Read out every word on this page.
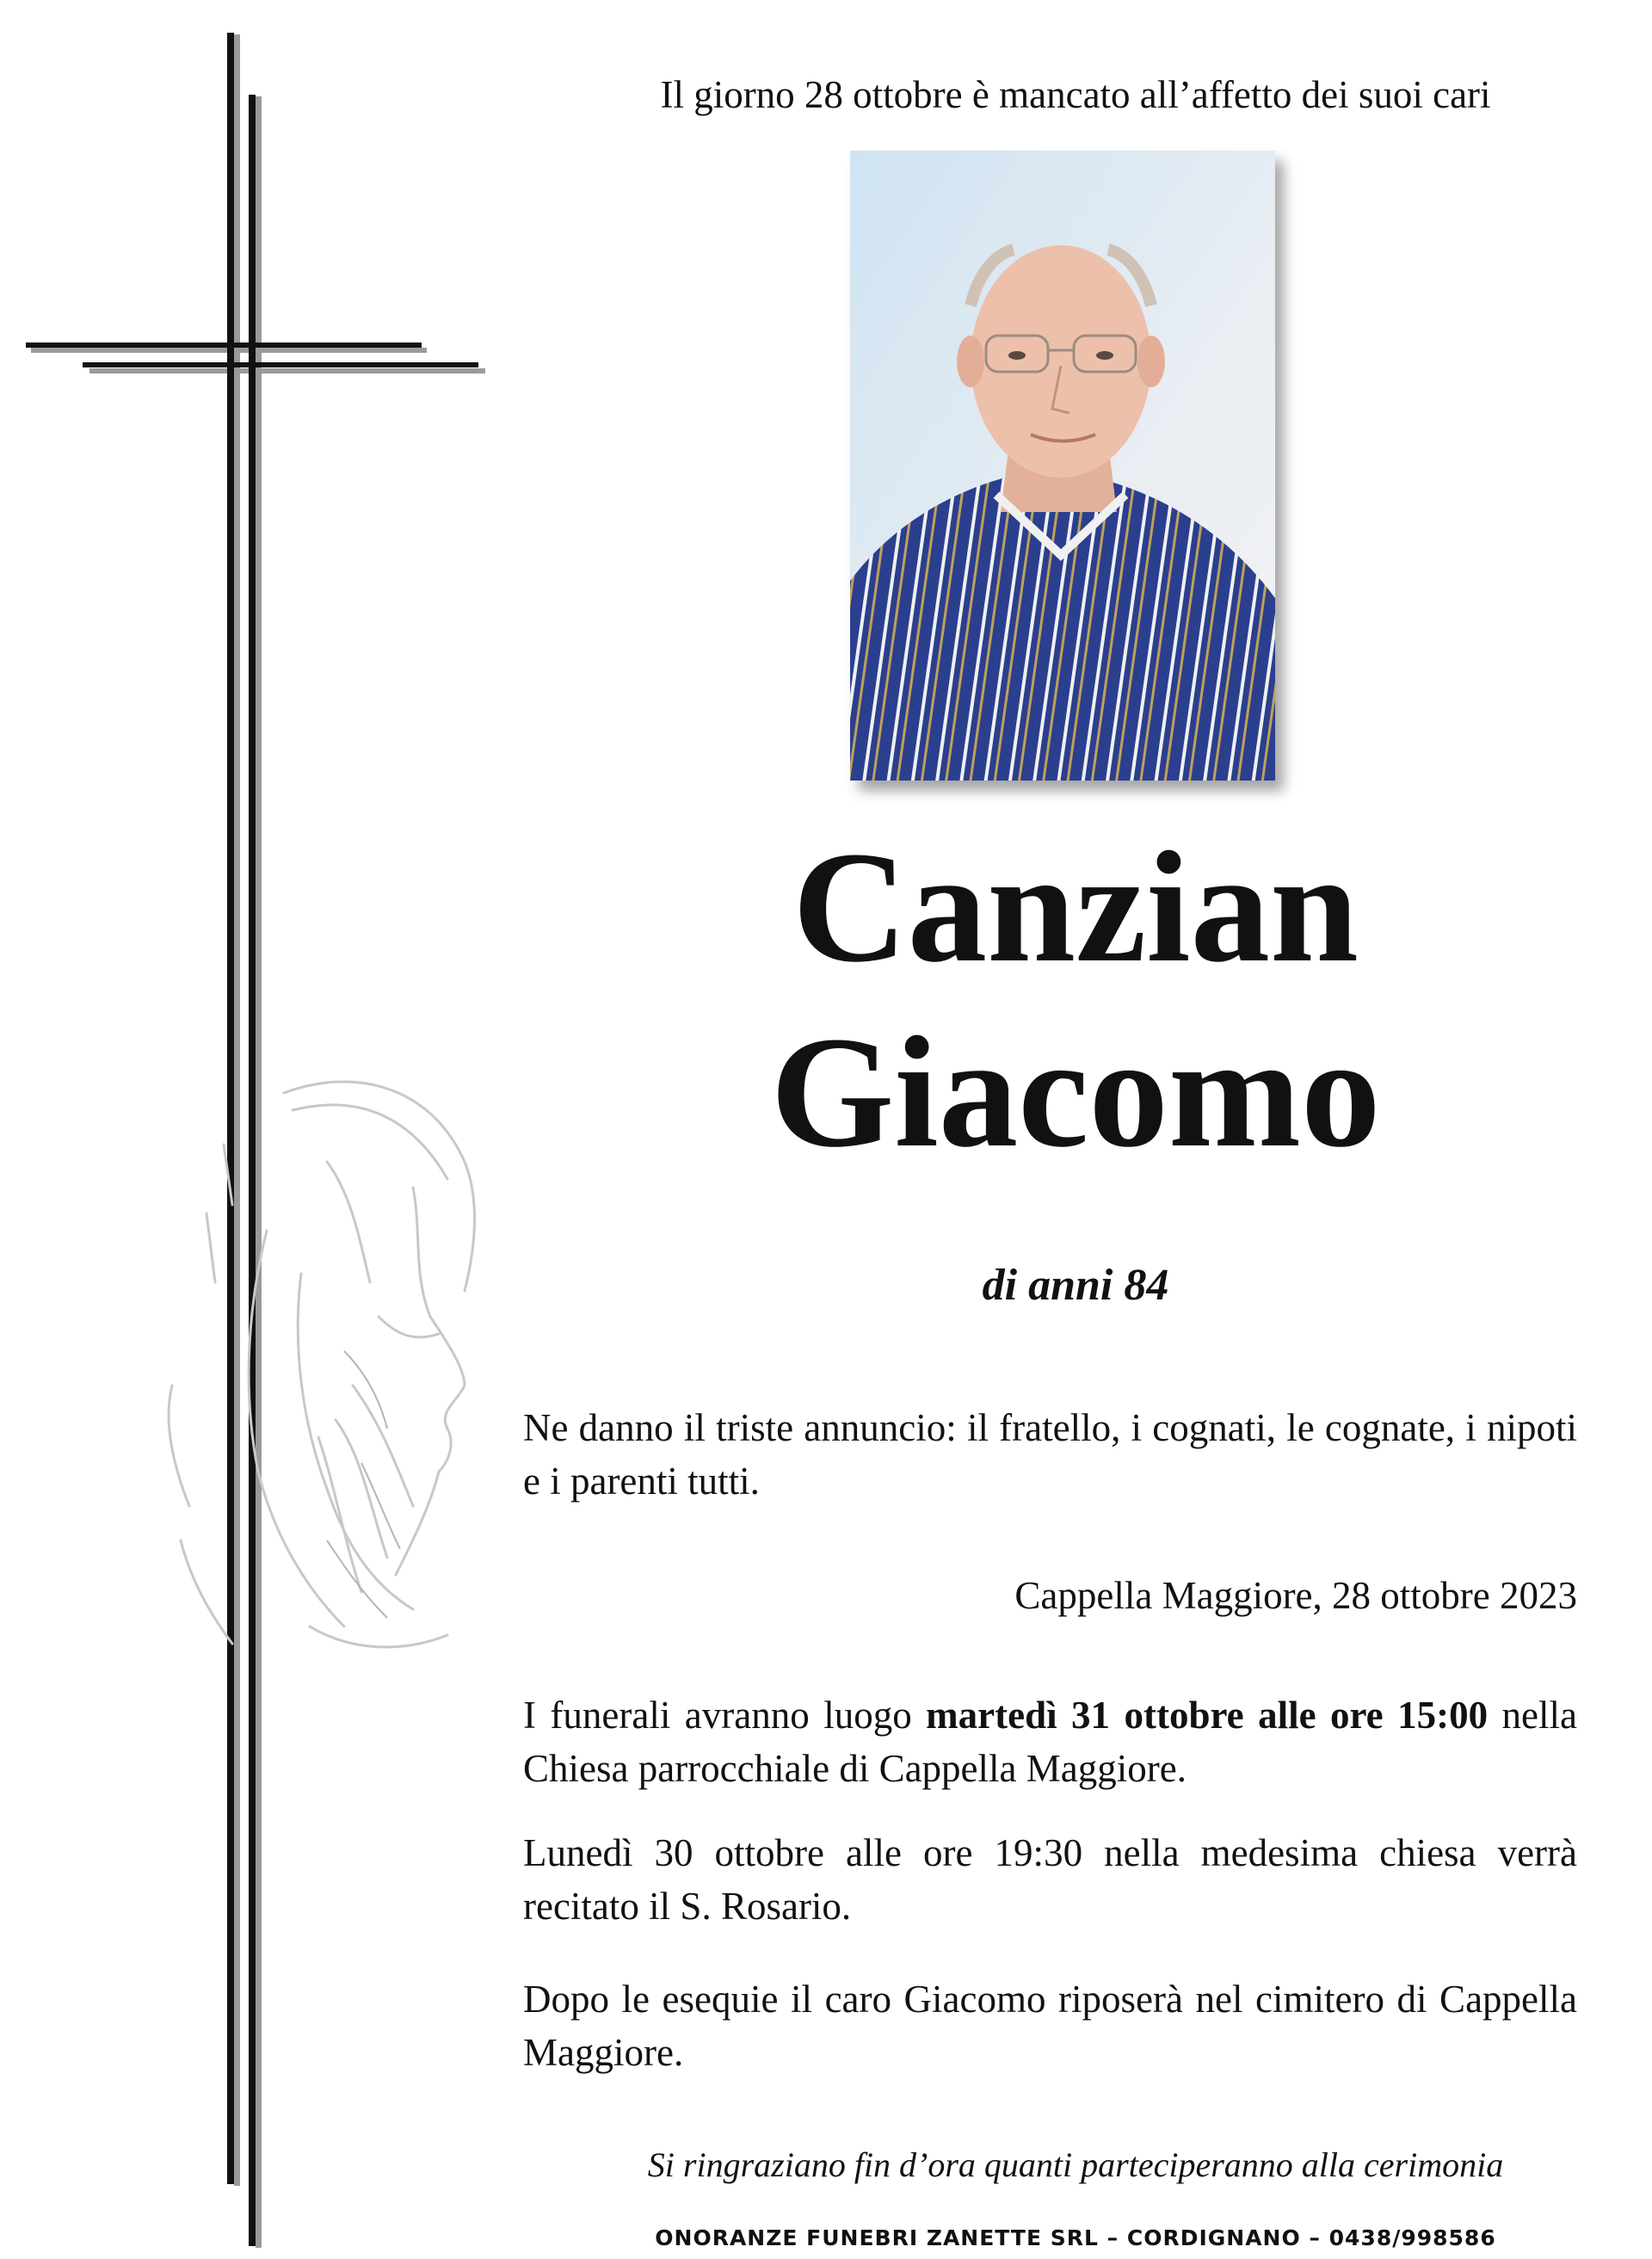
Il giorno 28 ottobre è mancato all’affetto dei suoi cari
Canzian
Giacomo
di anni 84
Ne danno il triste annuncio: il fratello, i cognati, le cognate, i nipoti e i parenti tutti.
Cappella Maggiore, 28 ottobre 2023
I funerali avranno luogo martedì 31 ottobre alle ore 15:00 nella Chiesa parrocchiale di Cappella Maggiore.
Lunedì 30 ottobre alle ore 19:30 nella medesima chiesa verrà recitato il S. Rosario.
Dopo le esequie il caro Giacomo riposerà nel cimitero di Cappella Maggiore.
Si ringraziano fin d’ora quanti parteciperanno alla cerimonia
ONORANZE FUNEBRI ZANETTE SRL – CORDIGNANO – 0438/998586
